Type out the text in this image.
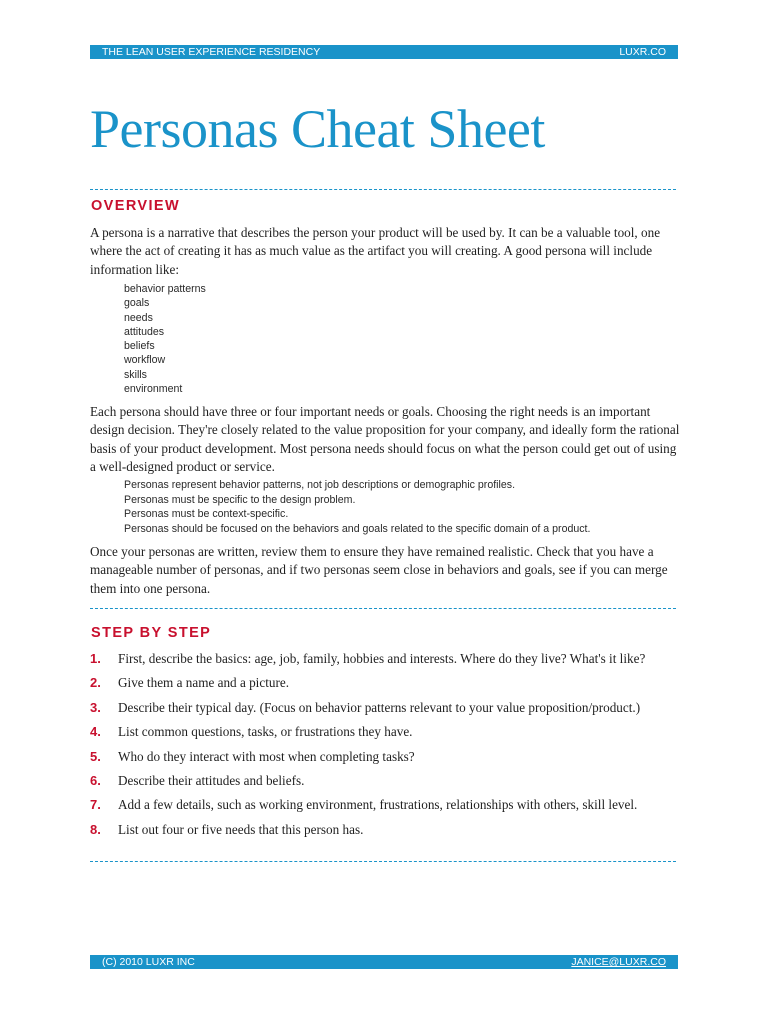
THE LEAN USER EXPERIENCE RESIDENCY	LUXR.CO
Personas Cheat Sheet
OVERVIEW

A persona is a narrative that describes the person your product will be used by. It can be a valuable tool, one where the act of creating it has as much value as the artifact you will creating. A good persona will include information like:

behavior patterns
goals
needs
attitudes
beliefs
workflow
skills
environment

Each persona should have three or four important needs or goals. Choosing the right needs is an important design decision. They're closely related to the value proposition for your company, and ideally form the rational basis of your product development. Most persona needs should focus on what the person could get out of using a well-designed product or service.

Personas represent behavior patterns, not job descriptions or demographic profiles.
Personas must be specific to the design problem.
Personas must be context-specific.
Personas should be focused on the behaviors and goals related to the specific domain of a product.

Once your personas are written, review them to ensure they have remained realistic. Check that you have a manageable number of personas, and if two personas seem close in behaviors and goals, see if you can merge them into one persona.

STEP BY STEP
1. First, describe the basics: age, job, family, hobbies and interests. Where do they live? What's it like?
2. Give them a name and a picture.
3. Describe their typical day. (Focus on behavior patterns relevant to your value proposition/product.)
4. List common questions, tasks, or frustrations they have.
5. Who do they interact with most when completing tasks?
6. Describe their attitudes and beliefs.
7. Add a few details, such as working environment, frustrations, relationships with others, skill level.
8. List out four or five needs that this person has.
(C) 2010 LUXR INC	JANICE@LUXR.CO
